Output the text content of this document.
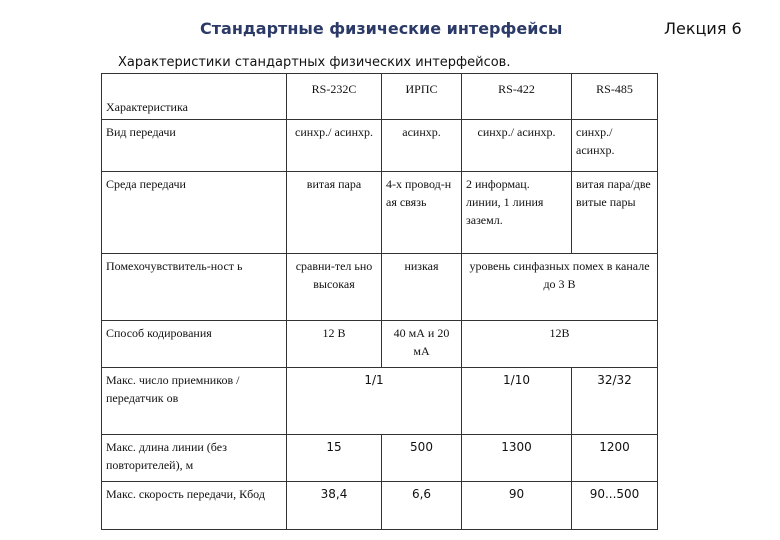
Стандартные физические интерфейсы	Лекция 6
Характеристики стандартных физических интерфейсов.
Характеристика	RS-232C	ИРПС	RS-422	RS-485
Вид передачи	синхр./ асинхр.	асинхр.	синхр./ асинхр.	синхр./ асинхр.
Среда передачи	витая пара	4-х провод-н ая связь	2 информац. линии, 1 линия заземл.	витая пара/две витые пары
Помехочувствитель-ност ь	сравни-тел ьно высокая	низкая	уровень синфазных помех в канале до 3 В	
Способ кодирования	12 В	40 мА и 20 мА	12В	
Макс. число приемников / передатчик ов	1/1		1/10	32/32
Макс. длина линии (без повторителей), м	15	500	1300	1200
Макс. скорость передачи, Кбод	38,4	6,6	90	90...500
